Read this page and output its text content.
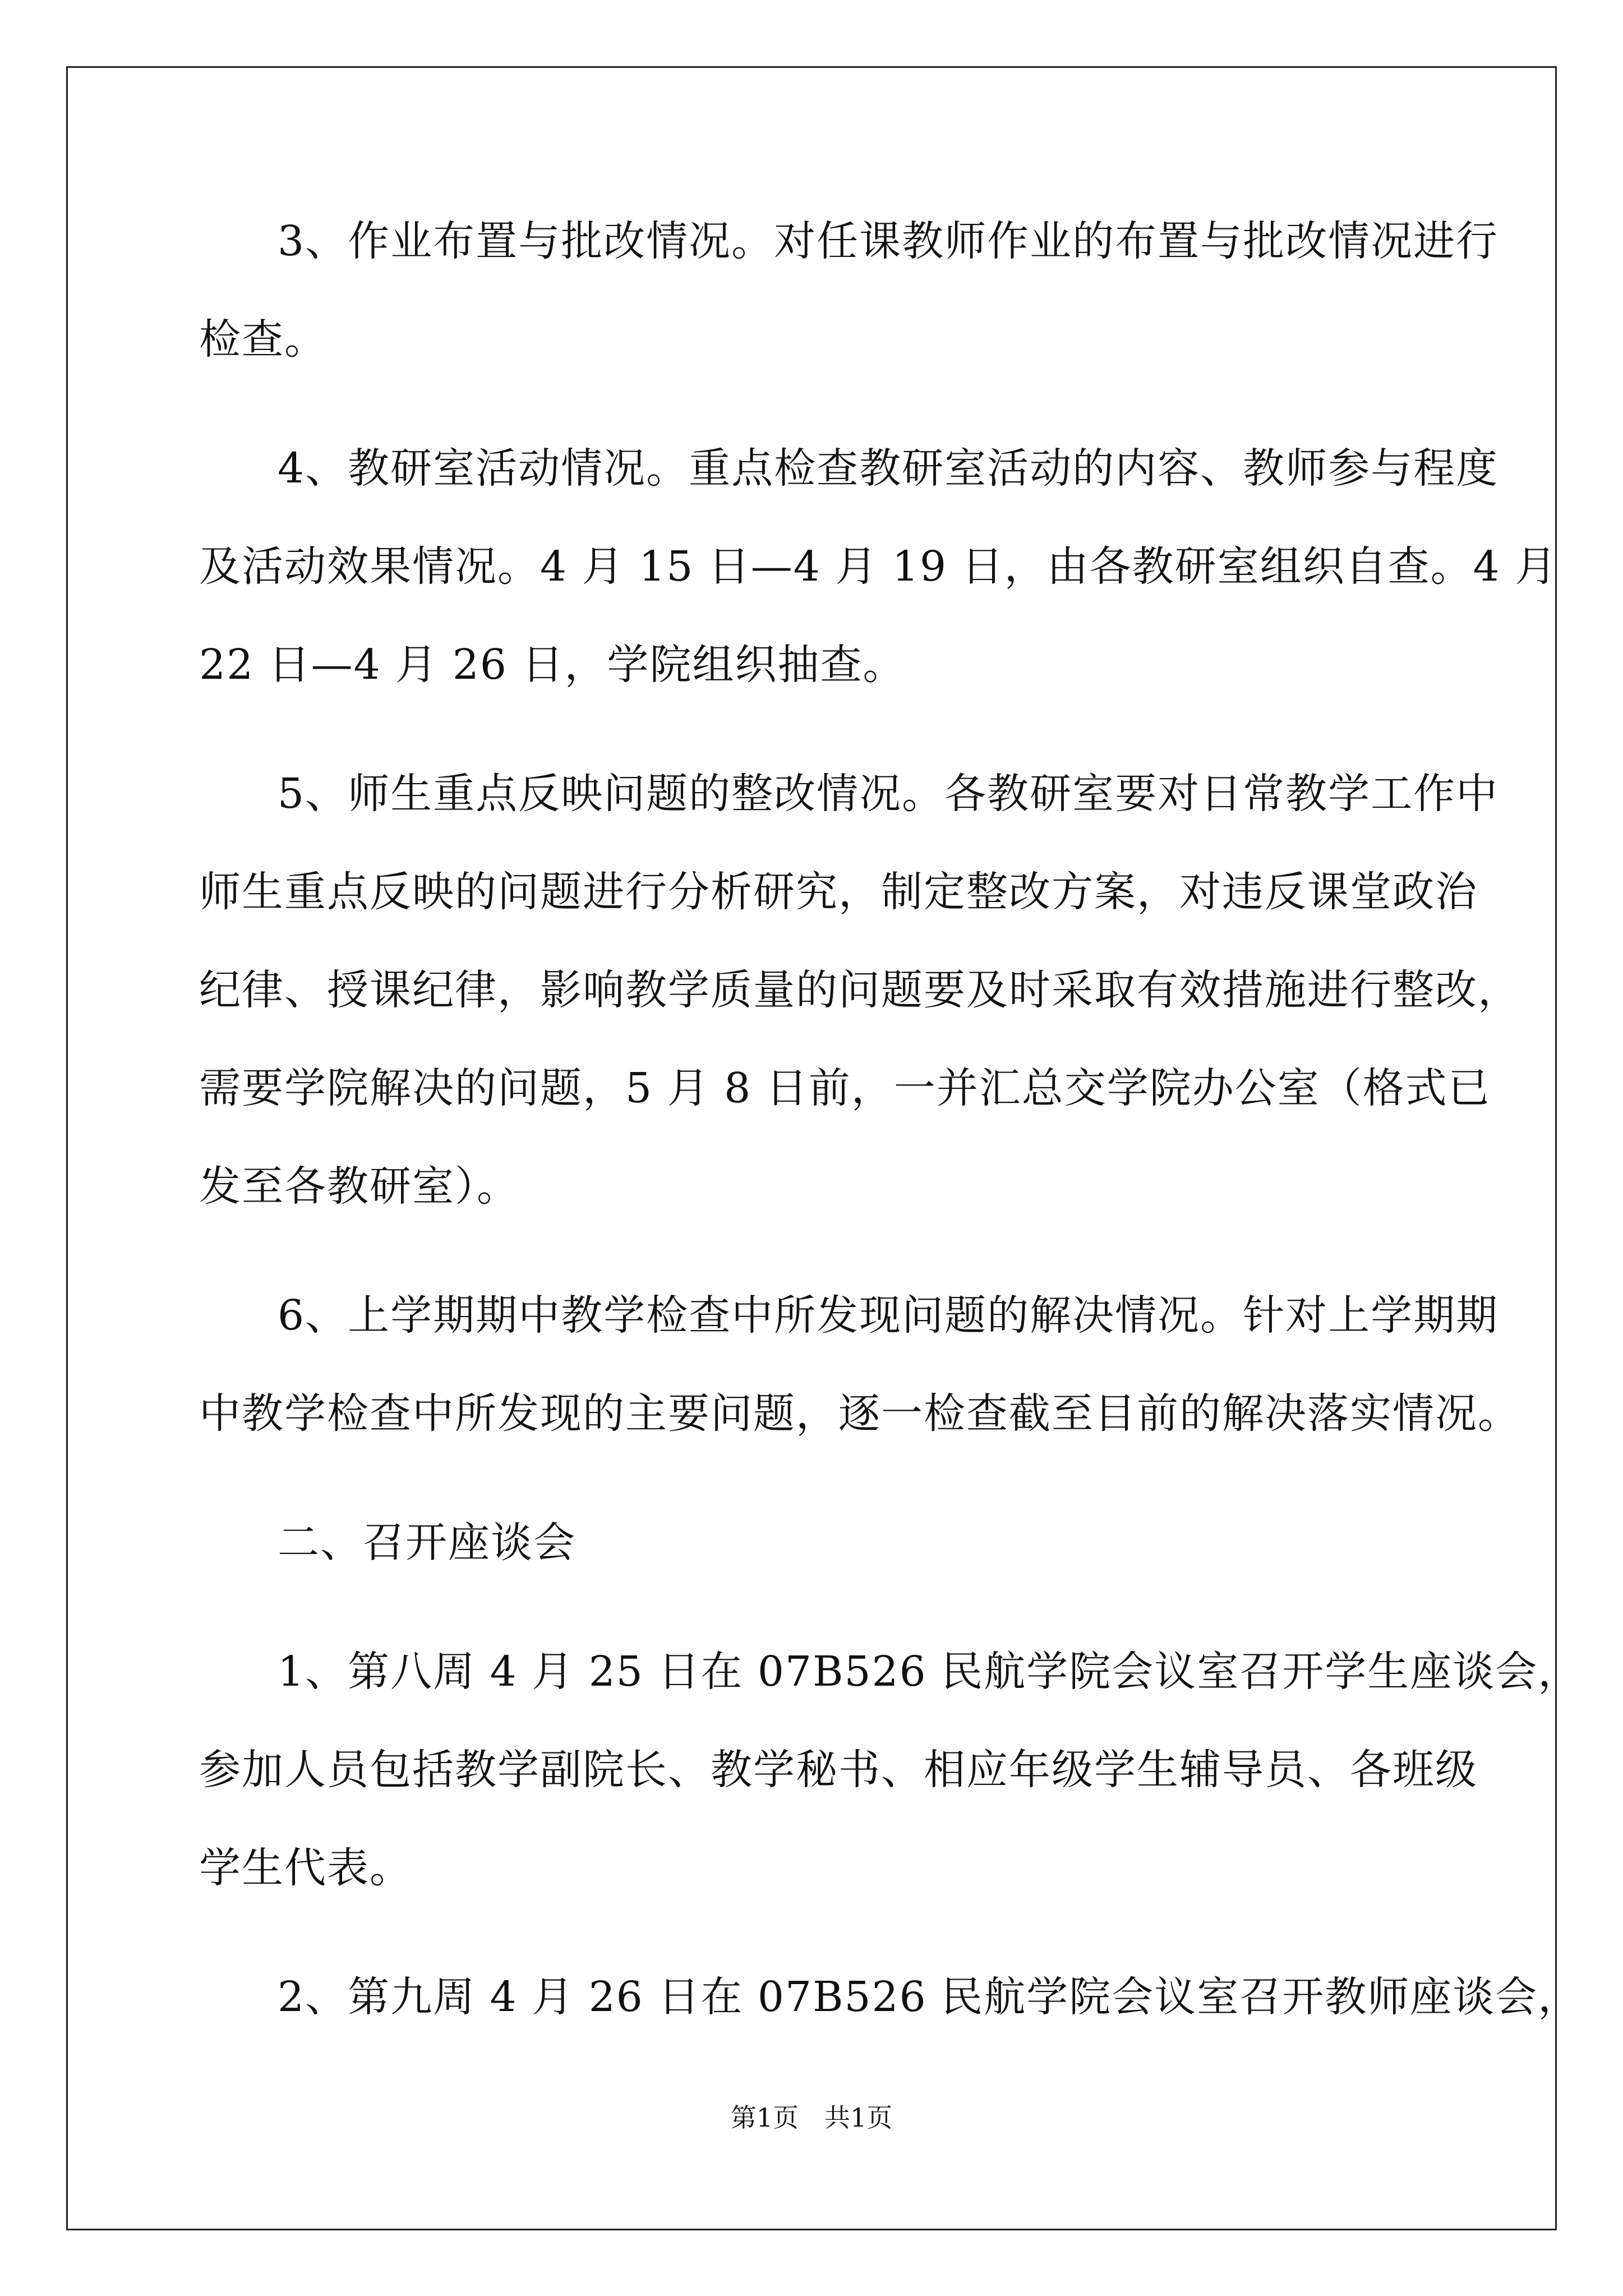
3、作业布置与批改情况。对任课教师作业的布置与批改情况进行
检查。
4、教研室活动情况。重点检查教研室活动的内容、教师参与程度
及活动效果情况。4 月 15 日—4 月 19 日，由各教研室组织自查。4 月
22 日—4 月 26 日，学院组织抽查。
5、师生重点反映问题的整改情况。各教研室要对日常教学工作中
师生重点反映的问题进行分析研究，制定整改方案，对违反课堂政治
纪律、授课纪律，影响教学质量的问题要及时采取有效措施进行整改，
需要学院解决的问题，5 月 8 日前，一并汇总交学院办公室（格式已
发至各教研室）。
6、上学期期中教学检查中所发现问题的解决情况。针对上学期期
中教学检查中所发现的主要问题，逐一检查截至目前的解决落实情况。
二、召开座谈会
1、第八周 4 月 25 日在 07B526 民航学院会议室召开学生座谈会，
参加人员包括教学副院长、教学秘书、相应年级学生辅导员、各班级
学生代表。
2、第九周 4 月 26 日在 07B526 民航学院会议室召开教师座谈会，
第1页　共1页
